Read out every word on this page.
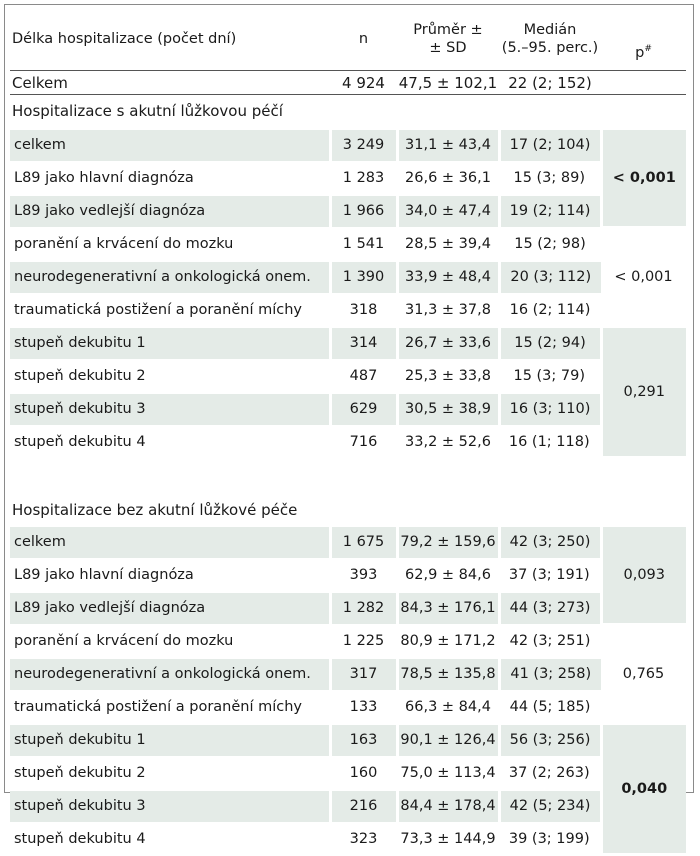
Délka hospitalizace (počet dní)	n	Průměr ±
± SD	Medián
(5.–95. perc.)	p#
Celkem	4 924	47,5 ± 102,1	22 (2; 152)	
Hospitalizace s akutní lůžkovou péčí				
celkem	3 249	31,1 ± 43,4	17 (2; 104)	< 0,001
L89 jako hlavní diagnóza	1 283	26,6 ± 36,1	15 (3; 89)	
L89 jako vedlejší diagnóza	1 966	34,0 ± 47,4	19 (2; 114)	
poranění a krvácení do mozku	1 541	28,5 ± 39,4	15 (2; 98)	< 0,001
neurodegenerativní a onkologická onem.	1 390	33,9 ± 48,4	20 (3; 112)	
traumatická postižení a poranění míchy	318	31,3 ± 37,8	16 (2; 114)	
stupeň dekubitu 1	314	26,7 ± 33,6	15 (2; 94)	0,291
stupeň dekubitu 2	487	25,3 ± 33,8	15 (3; 79)	
stupeň dekubitu 3	629	30,5 ± 38,9	16 (3; 110)	
stupeň dekubitu 4	716	33,2 ± 52,6	16 (1; 118)	
Hospitalizace bez akutní lůžkové péče				
celkem	1 675	79,2 ± 159,6	42 (3; 250)	0,093
L89 jako hlavní diagnóza	393	62,9 ± 84,6	37 (3; 191)	
L89 jako vedlejší diagnóza	1 282	84,3 ± 176,1	44 (3; 273)	
poranění a krvácení do mozku	1 225	80,9 ± 171,2	42 (3; 251)	0,765
neurodegenerativní a onkologická onem.	317	78,5 ± 135,8	41 (3; 258)	
traumatická postižení a poranění míchy	133	66,3 ± 84,4	44 (5; 185)	
stupeň dekubitu 1	163	90,1 ± 126,4	56 (3; 256)	0,040
stupeň dekubitu 2	160	75,0 ± 113,4	37 (2; 263)	
stupeň dekubitu 3	216	84,4 ± 178,4	42 (5; 234)	
stupeň dekubitu 4	323	73,3 ± 144,9	39 (3; 199)	
